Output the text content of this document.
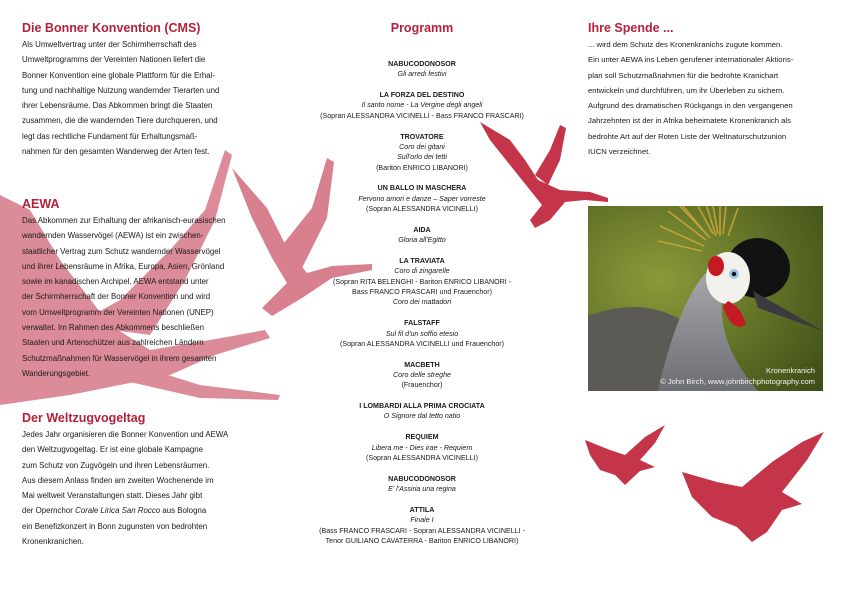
Die Bonner Konvention (CMS)
Als Umweltvertrag unter der Schirmherrschaft des
Umweltprogramms der Vereinten Nationen liefert die
Bonner Konvention eine globale Plattform für die Erhal-
tung und nachhaltige Nutzung wandernder Tierarten und
ihrer Lebensräume. Das Abkommen bringt die Staaten
zusammen, die die wandernden Tiere durchqueren, und
legt das rechtliche Fundament für Erhaltungsmaß-
nahmen für den gesamten Wanderweg der Arten fest.
AEWA
Das Abkommen zur Erhaltung der afrikanisch-eurasischen
wandernden Wasservögel (AEWA) ist ein zwischen-
staatlicher Vertrag zum Schutz wandernder Wasservögel
und ihrer Lebensräume in Afrika, Europa, Asien, Grönland
sowie im kanadischen Archipel. AEWA entstand unter
der Schirmherrschaft der Bonner Konvention und wird
vom Umweltprogramm der Vereinten Nationen (UNEP)
verwaltet. Im Rahmen des Abkommens beschließen
Staaten und Artenschützer aus zahlreichen Ländern
Schutzmaßnahmen für Wasservögel in ihrem gesamten
Wanderungsgebiet.
Der Weltzugvogeltag
Jedes Jahr organisieren die Bonner Konvention und AEWA
den Weltzugvogeltag. Er ist eine globale Kampagne
zum Schutz von Zugvögeln und ihren Lebensräumen.
Aus diesem Anlass finden am zweiten Wochenende im
Mai weltweit Veranstaltungen statt. Dieses Jahr gibt
der Opernchor Corale Lirica San Rocco aus Bologna
ein Benefizkonzert in Bonn zugunsten von bedrohten
Kronenkranichen.
Programm
NABUCODONOSOR
Gli arredi festivi
LA FORZA DEL DESTINO
Il santo nome - La Vergine degli angeli
(Sopran ALESSANDRA VICINELLI - Bass FRANCO FRASCARI)
TROVATORE
Coro dei gitani
Sull'orlo dei tetti
(Bariton ENRICO LIBANORI)
UN BALLO IN MASCHERA
Fervono amori e danze – Saper vorreste
(Sopran ALESSANDRA VICINELLI)
AIDA
Gloria all'Egitto
LA TRAVIATA
Coro di zingarelle
(Sopran RITA BELENGHI - Bariton ENRICO LIBANORI -
Bass FRANCO FRASCARI und Frauenchor)
Coro dei mattadori
FALSTAFF
Sul fil d'un soffio etesio
(Sopran ALESSANDRA VICINELLI und Frauenchor)
MACBETH
Coro delle streghe
(Frauenchor)
I LOMBARDI ALLA PRIMA CROCIATA
O Signore dal tetto natio
REQUIEM
Libera me - Dies irae - Requiem
(Sopran ALESSANDRA VICINELLI)
NABUCODONOSOR
E' l'Assiria una regina
ATTILA
Finale I
(Bass FRANCO FRASCARI - Sopran ALESSANDRA VICINELLI -
Tenor GUILIANO CAVATERRA - Bariton ENRICO LIBANORI)
Ihre Spende ...
... wird dem Schutz des Kronenkranichs zugute kommen.
Ein unter AEWA ins Leben gerufener internationaler Aktions-
plan soll Schutzmaßnahmen für die bedrohte Kranichart
entwickeln und durchführen, um ihr Überleben zu sichern.
Aufgrund des dramatischen Rückgangs in den vergangenen
Jahrzehnten ist der in Afrika beheimatete Kronenkranich als
bedrohte Art auf der Roten Liste der Weltnaturschutzunion
IUCN verzeichnet.
Kronenkranich
© John Birch, www.johnbirchphotography.com
